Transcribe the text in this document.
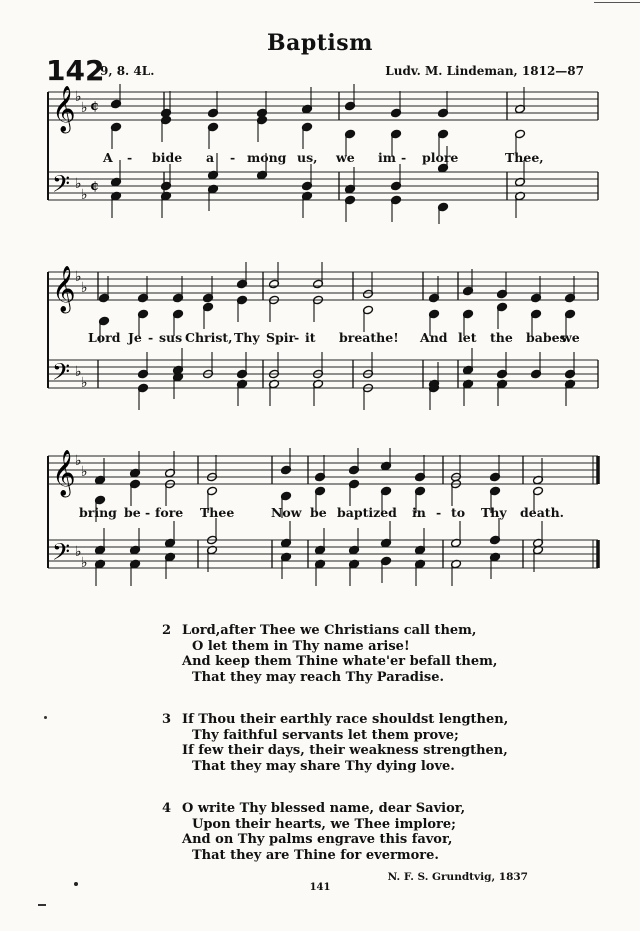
Baptism
142
9, 8. 4L.	Ludv. M. Lindeman, 1812—87
¢
¢
𝄞
𝄢
♭
♭
♭
♭
𝄞
𝄢
♭
♭
♭
♭
𝄞
𝄢
♭
♭
♭
♭
A - bide a - mong us, we im - plore	Thee,
Lord Je - sus Christ, Thy Spir
- it breathe! And let the babes
we
bring be - fore Thee	Now be baptized in - to Thy death.
2 Lord,after Thee we Christians call them,
O let them in Thy name arise!
And keep them Thine whate'er befall them,
That they may reach Thy Paradise.
3 If Thou their earthly race shouldst lengthen,
Thy faithful servants let them prove;
If few their days, their weakness strengthen,
That they may share Thy dying love.
4 O write Thy blessed name, dear Savior,
Upon their hearts, we Thee implore;
And on Thy palms engrave this favor,
That they are Thine for evermore.
N. F. S. Grundtvig, 1837
141
